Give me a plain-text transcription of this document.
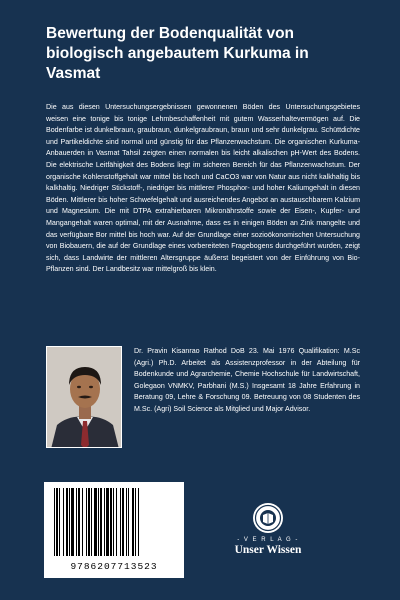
Bewertung der Bodenqualität von biologisch angebautem Kurkuma in Vasmat

Die aus diesen Untersuchungsergebnissen gewonnenen Böden des Untersuchungsgebietes weisen eine tonige bis tonige Lehmbeschaffenheit mit gutem Wasserhaltevermögen auf. Die Bodenfarbe ist dunkelbraun, graubraun, dunkelgraubraun, braun und sehr dunkelgrau. Schüttdichte und Partikeldichte sind normal und günstig für das Pflanzenwachstum. Die organischen Kurkuma-Anbauerden in Vasmat Tahsil zeigten einen normalen bis leicht alkalischen pH-Wert des Bodens. Die elektrische Leitfähigkeit des Bodens liegt im sicheren Bereich für das Pflanzenwachstum. Der organische Kohlenstoffgehalt war mittel bis hoch und CaCO3 war von Natur aus nicht kalkhaltig bis kalkhaltig. Niedriger Stickstoff-, niedriger bis mittlerer Phosphor- und hoher Kaliumgehalt in diesen Böden. Mittlerer bis hoher Schwefelgehalt und ausreichendes Angebot an austauschbarem Kalzium und Magnesium. Die mit DTPA extrahierbaren Mikronährstoffe sowie der Eisen-, Kupfer- und Mangangehalt waren optimal, mit der Ausnahme, dass es in einigen Böden an Zink mangelte und das verfügbare Bor mittel bis hoch war. Auf der Grundlage einer sozioökonomischen Untersuchung von Biobauern, die auf der Grundlage eines vorbereiteten Fragebogens durchgeführt wurden, zeigt sich, dass Landwirte der mittleren Altersgruppe äußerst begeistert von der Einführung von Bio-Pflanzen sind. Der Landbesitz war mittelgroß bis klein.

Dr. Pravin Kisanrao Rathod DoB 23. Mai 1976 Qualifikation: M.Sc (Agri.) Ph.D. Arbeitet als Assistenzprofessor in der Abteilung für Bodenkunde und Agrarchemie, Chemie Hochschule für Landwirtschaft, Golegaon VNMKV, Parbhani (M.S.) Insgesamt 18 Jahre Erfahrung in Beratung 09, Lehre & Forschung 09. Betreuung von 08 Studenten des M.Sc. (Agri) Soil Science als Mitglied und Major Advisor.

9786207713523
- V E R L A G -
Unser Wissen
